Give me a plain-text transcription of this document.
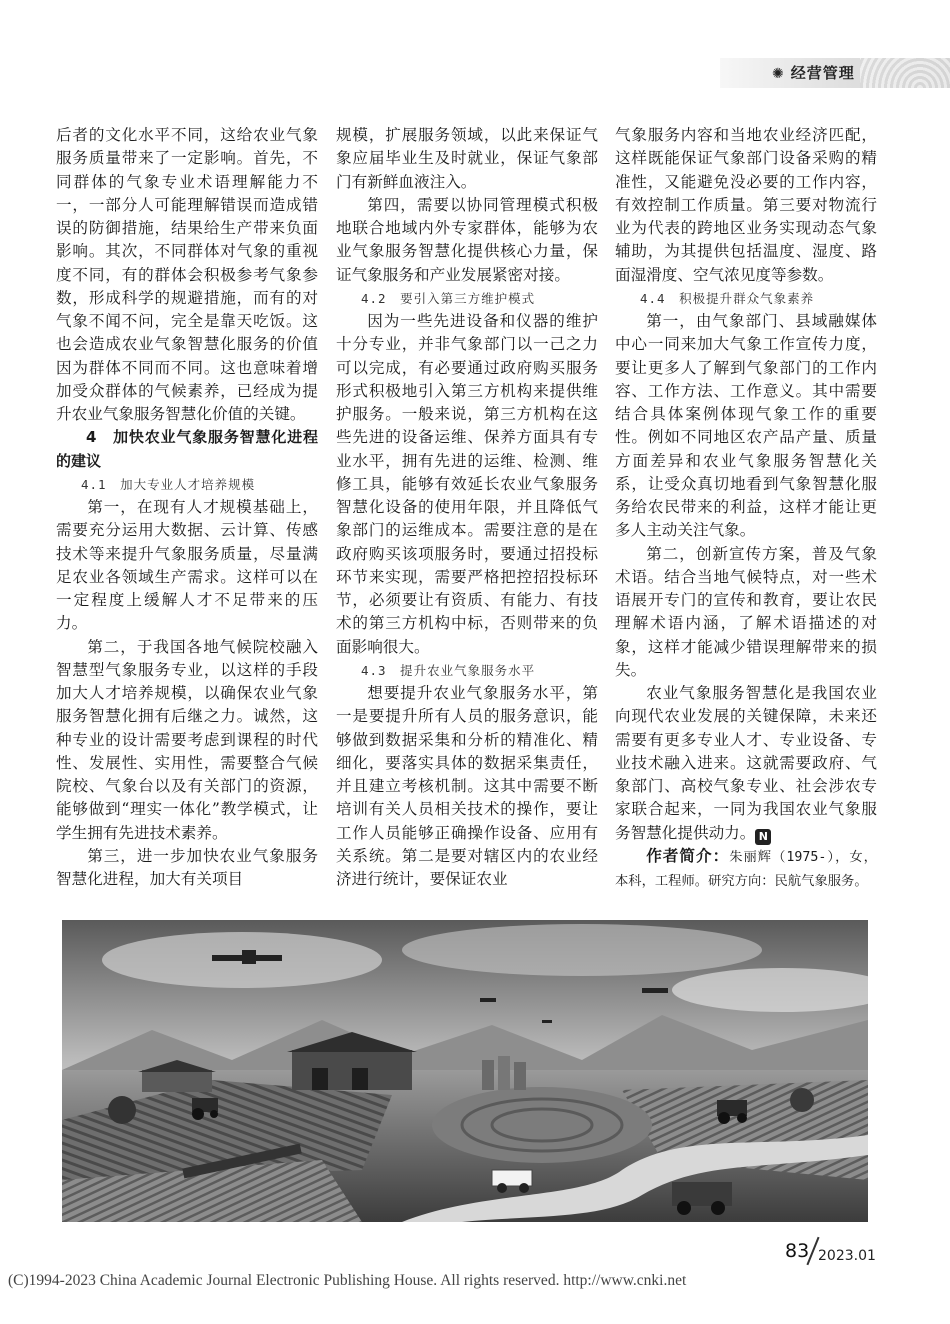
✺ 经营管理

后者的文化水平不同，这给农业气象服务质量带来了一定影响。首先，不同群体的气象专业术语理解能力不一，一部分人可能理解错误而造成错误的防御措施，结果给生产带来负面影响。其次，不同群体对气象的重视度不同，有的群体会积极参考气象参数，形成科学的规避措施，而有的对气象不闻不问，完全是靠天吃饭。这也会造成农业气象智慧化服务的价值因为群体不同而不同。这也意味着增加受众群体的气候素养，已经成为提升农业气象服务智慧化价值的关键。

4　加快农业气象服务智慧化进程的建议
4.1　加大专业人才培养规模

第一，在现有人才规模基础上，需要充分运用大数据、云计算、传感技术等来提升气象服务质量，尽量满足农业各领域生产需求。这样可以在一定程度上缓解人才不足带来的压力。

第二，于我国各地气候院校融入智慧型气象服务专业，以这样的手段加大人才培养规模，以确保农业气象服务智慧化拥有后继之力。诚然，这种专业的设计需要考虑到课程的时代性、发展性、实用性，需要整合气候院校、气象台以及有关部门的资源，能够做到“理实一体化”教学模式，让学生拥有先进技术素养。

第三，进一步加快农业气象服务智慧化进程，加大有关项目

规模，扩展服务领域，以此来保证气象应届毕业生及时就业，保证气象部门有新鲜血液注入。

第四，需要以协同管理模式积极地联合地域内外专家群体，能够为农业气象服务智慧化提供核心力量，保证气象服务和产业发展紧密对接。

4.2　要引入第三方维护模式

因为一些先进设备和仪器的维护十分专业，并非气象部门以一己之力可以完成，有必要通过政府购买服务形式积极地引入第三方机构来提供维护服务。一般来说，第三方机构在这些先进的设备运维、保养方面具有专业水平，拥有先进的运维、检测、维修工具，能够有效延长农业气象服务智慧化设备的使用年限，并且降低气象部门的运维成本。需要注意的是在政府购买该项服务时，要通过招投标环节来实现，需要严格把控招投标环节，必须要让有资质、有能力、有技术的第三方机构中标，否则带来的负面影响很大。

4.3　提升农业气象服务水平

想要提升农业气象服务水平，第一是要提升所有人员的服务意识，能够做到数据采集和分析的精准化、精细化，要落实具体的数据采集责任，并且建立考核机制。这其中需要不断培训有关人员相关技术的操作，要让工作人员能够正确操作设备、应用有关系统。第二是要对辖区内的农业经济进行统计，要保证农业

气象服务内容和当地农业经济匹配，这样既能保证气象部门设备采购的精准性，又能避免没必要的工作内容，有效控制工作质量。第三要对物流行业为代表的跨地区业务实现动态气象辅助，为其提供包括温度、湿度、路面湿滑度、空气浓见度等参数。

4.4　积极提升群众气象素养

第一，由气象部门、县域融媒体中心一同来加大气象工作宣传力度，要让更多人了解到气象部门的工作内容、工作方法、工作意义。其中需要结合具体案例体现气象工作的重要性。例如不同地区农产品产量、质量方面差异和农业气象服务智慧化关系，让受众真切地看到气象智慧化服务给农民带来的利益，这样才能让更多人主动关注气象。

第二，创新宣传方案，普及气象术语。结合当地气候特点，对一些术语展开专门的宣传和教育，要让农民理解术语内涵，了解术语描述的对象，这样才能减少错误理解带来的损失。

农业气象服务智慧化是我国农业向现代农业发展的关键保障，未来还需要有更多专业人才、专业设备、专业技术融入进来。这就需要政府、气象部门、高校气象专业、社会涉农专家联合起来，一同为我国农业气象服务智慧化提供动力。 N

作者简介：朱丽辉（1975-），女，本科，工程师。研究方向：民航气象服务。

83 2023.01
(C)1994-2023 China Academic Journal Electronic Publishing House. All rights reserved. http://www.cnki.net
